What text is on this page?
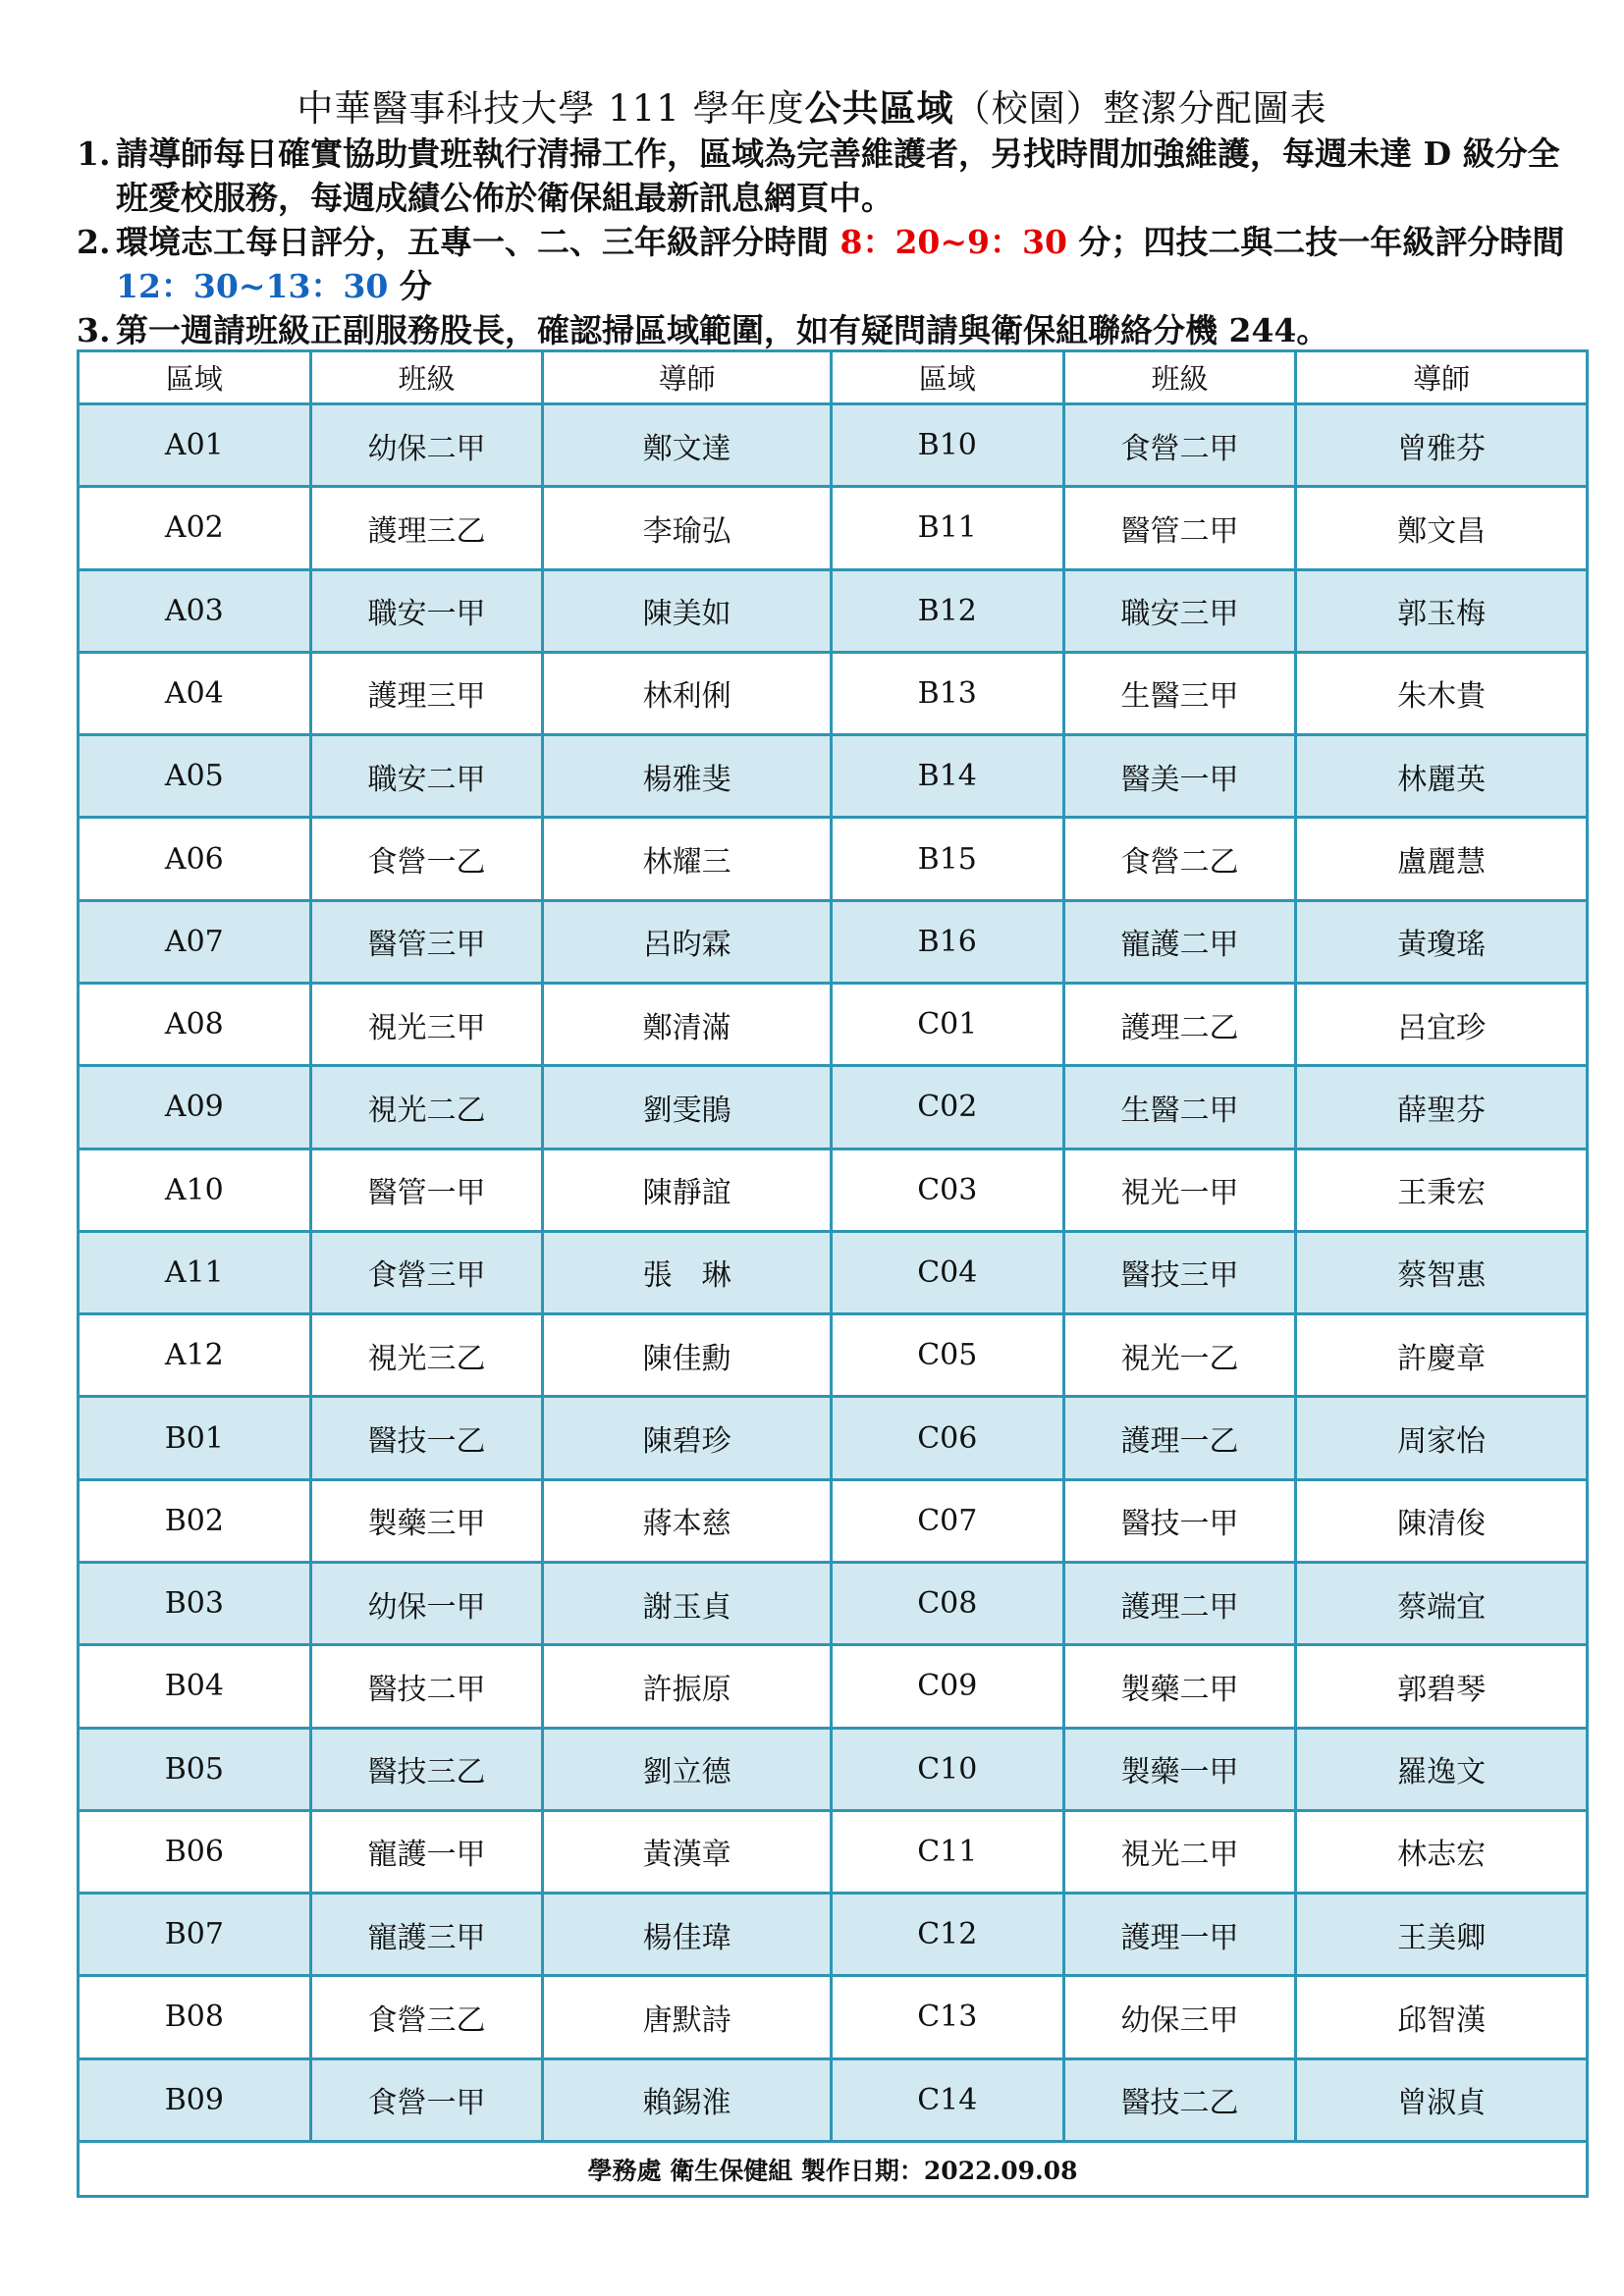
中華醫事科技大學 111 學年度公共區域（校園）整潔分配圖表
1. 請導師每日確實協助貴班執行清掃工作，區域為完善維護者，另找時間加強維護，每週未達 D 級分全班愛校服務，每週成績公佈於衛保組最新訊息網頁中。
2. 環境志工每日評分，五專一、二、三年級評分時間 8：20~9：30 分；四技二與二技一年級評分時間 12：30~13：30 分
3. 第一週請班級正副服務股長，確認掃區域範圍，如有疑問請與衛保組聯絡分機 244。
區域	班級	導師	區域	班級	導師
A01	幼保二甲	鄭文達	B10	食營二甲	曾雅芬
A02	護理三乙	李瑜弘	B11	醫管二甲	鄭文昌
A03	職安一甲	陳美如	B12	職安三甲	郭玉梅
A04	護理三甲	林利俐	B13	生醫三甲	朱木貴
A05	職安二甲	楊雅斐	B14	醫美一甲	林麗英
A06	食營一乙	林耀三	B15	食營二乙	盧麗慧
A07	醫管三甲	呂昀霖	B16	寵護二甲	黃瓊瑤
A08	視光三甲	鄭清滿	C01	護理二乙	呂宜珍
A09	視光二乙	劉雯鵑	C02	生醫二甲	薛聖芬
A10	醫管一甲	陳靜誼	C03	視光一甲	王秉宏
A11	食營三甲	張　琳	C04	醫技三甲	蔡智惠
A12	視光三乙	陳佳勳	C05	視光一乙	許慶章
B01	醫技一乙	陳碧珍	C06	護理一乙	周家怡
B02	製藥三甲	蔣本慈	C07	醫技一甲	陳清俊
B03	幼保一甲	謝玉貞	C08	護理二甲	蔡端宜
B04	醫技二甲	許振原	C09	製藥二甲	郭碧琴
B05	醫技三乙	劉立德	C10	製藥一甲	羅逸文
B06	寵護一甲	黃漢章	C11	視光二甲	林志宏
B07	寵護三甲	楊佳瑋	C12	護理一甲	王美卿
B08	食營三乙	唐默詩	C13	幼保三甲	邱智漢
B09	食營一甲	賴錫淮	C14	醫技二乙	曾淑貞
學務處 衛生保健組 製作日期：2022.09.08					
